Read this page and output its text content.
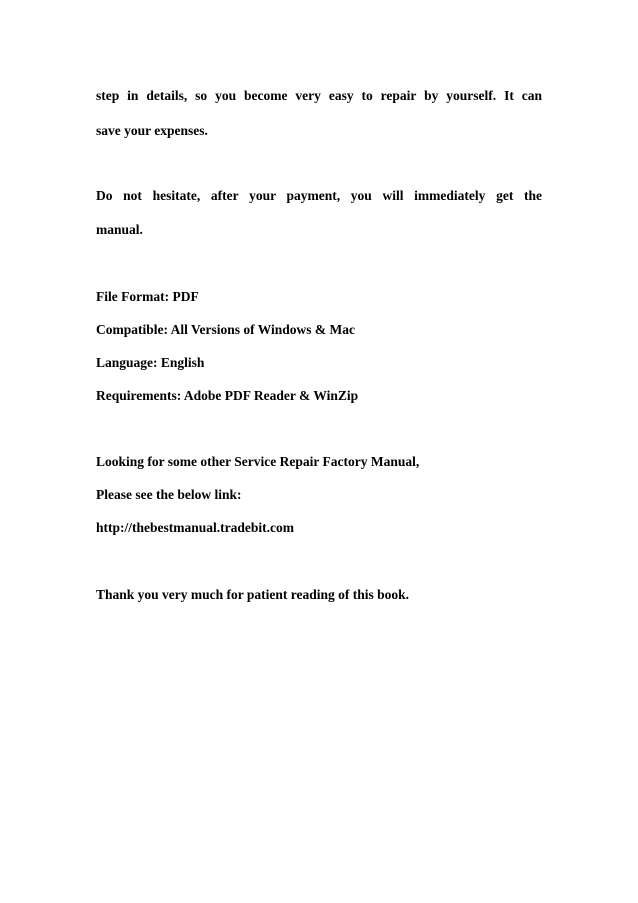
step in details, so you become very easy to repair by yourself. It can
save your expenses.
Do not hesitate, after your payment, you will immediately get the
manual.
File Format: PDF
Compatible: All Versions of Windows & Mac
Language: English
Requirements: Adobe PDF Reader & WinZip
Looking for some other Service Repair Factory Manual,
Please see the below link:
http://thebestmanual.tradebit.com
Thank you very much for patient reading of this book.
